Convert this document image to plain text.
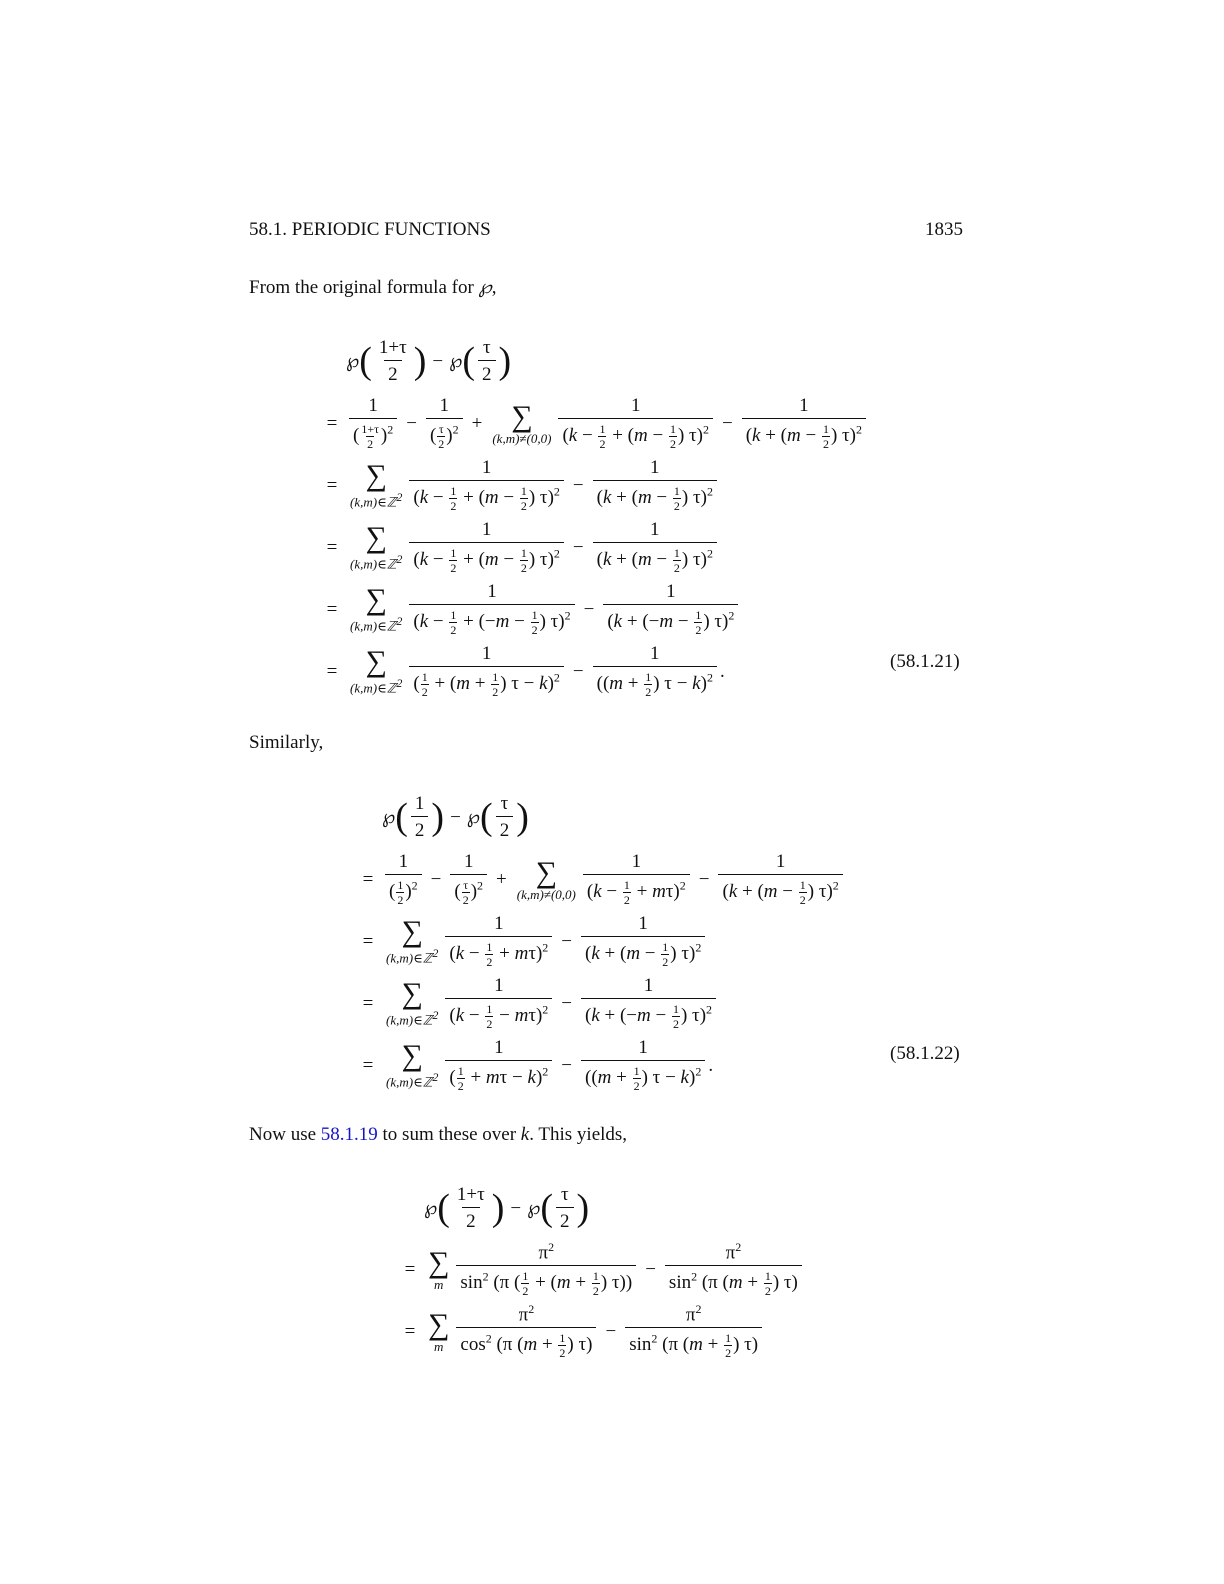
58.1. PERIODIC FUNCTIONS	1835
From the original formula for ℘,
℘ ( $\frac{1+\tau}{2}$ ) − ℘ ( $\frac{\tau}{2}$ )
= $\frac{1}{( \frac{1+\tau}{2} )^2} - \frac{1}{( \frac{\tau}{2} )^2}$ + ∑
$(k,m)\ne(0,0) \frac{1}{(k - \frac{1}{2} + (m - \frac{1}{2} ) \tau)^2} - \frac{1}{(k + (m - \frac{1}{2} ) \tau)^2}$
= ∑
(k,m)∈ℤ$^2$ $\frac{1}{(k - \frac{1}{2} + (m - \frac{1}{2} ) \tau)^2} - \frac{1}{(k + (m - \frac{1}{2} ) \tau)^2}$
= ∑
(k,m)∈ℤ$^2$ $\frac{1}{(k - \frac{1}{2} + (m - \frac{1}{2} ) \tau)^2} - \frac{1}{(k + (m - \frac{1}{2} ) \tau)^2}$
= ∑
(k,m)∈ℤ$^2$ $\frac{1}{(k - \frac{1}{2} + (-m - \frac{1}{2} ) \tau)^2} - \frac{1}{(k + (-m - \frac{1}{2} ) \tau)^2}$
= ∑
(k,m)∈ℤ$^2$ $\frac{1}{( \frac{1}{2} + (m + \frac{1}{2} ) \tau - k)^2} - \frac{1}{((m + \frac{1}{2} ) \tau - k)^2}$ .	(58.1.21)
Similarly,
℘ ( $\frac{1}{2}$ ) − ℘ ( $\frac{\tau}{2}$ )
= $\frac{1}{( \frac{1}{2} )^2} - \frac{1}{( \frac{\tau}{2} )^2}$ + ∑
$(k,m)\ne(0,0) \frac{1}{(k - \frac{1}{2} + m\tau)^2} - \frac{1}{(k + (m - \frac{1}{2} ) \tau)^2}$
= ∑
(k,m)∈ℤ$^2$ $\frac{1}{(k - \frac{1}{2} + m\tau)^2} - \frac{1}{(k + (m - \frac{1}{2} ) \tau)^2}$
= ∑
(k,m)∈ℤ$^2$ $\frac{1}{(k - \frac{1}{2} - m\tau)^2} - \frac{1}{(k + (-m - \frac{1}{2} ) \tau)^2}$
= ∑
(k,m)∈ℤ$^2$ $\frac{1}{( \frac{1}{2} + m\tau - k)^2} - \frac{1}{((m + \frac{1}{2} ) \tau - k)^2}$ .
(58.1.22)
Now use 58.1.19 to sum these over k. This yields,
℘ ( $\frac{1+\tau}{2}$ ) − ℘ ( $\frac{\tau}{2}$ )
= ∑
m $\frac{\pi^2}{\sin^2 (\pi ( \frac{1}{2} + (m + \frac{1}{2} ) \tau))} - \frac{\pi^2}{\sin^2 (\pi (m + \frac{1}{2} ) \tau)}$
= ∑
m $\frac{\pi^2}{\cos^2 (\pi (m + \frac{1}{2} ) \tau)} - \frac{\pi^2}{\sin^2 (\pi (m + \frac{1}{2} ) \tau)}$
